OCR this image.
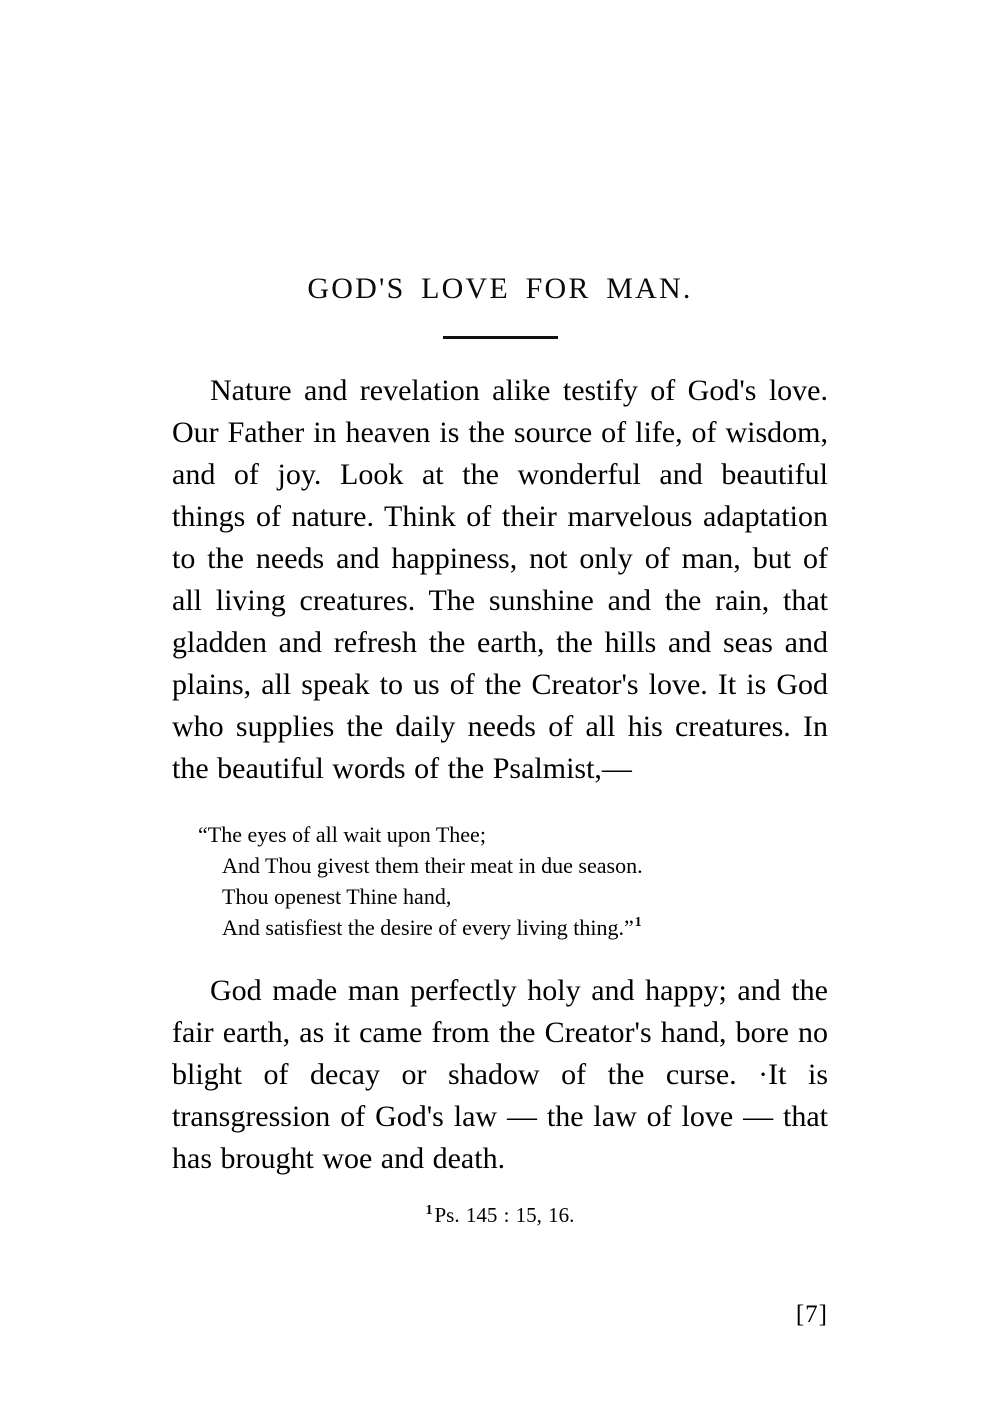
GOD'S LOVE FOR MAN.

Nature and revelation alike testify of God's love. Our Father in heaven is the source of life, of wisdom, and of joy. Look at the wonderful and beautiful things of nature. Think of their marvelous adaptation to the needs and happiness, not only of man, but of all living creatures. The sunshine and the rain, that gladden and refresh the earth, the hills and seas and plains, all speak to us of the Creator's love. It is God who supplies the daily needs of all his creatures. In the beautiful words of the Psalmist,—

“The eyes of all wait upon Thee;

And Thou givest them their meat in due season.

Thou openest Thine hand,

And satisfiest the desire of every living thing.”$^1$

God made man perfectly holy and happy; and the fair earth, as it came from the Creator's hand, bore no blight of decay or shadow of the curse. ·It is transgression of God's law — the law of love — that has brought woe and death.

$^1$Ps. 145 : 15, 16.

[7]
